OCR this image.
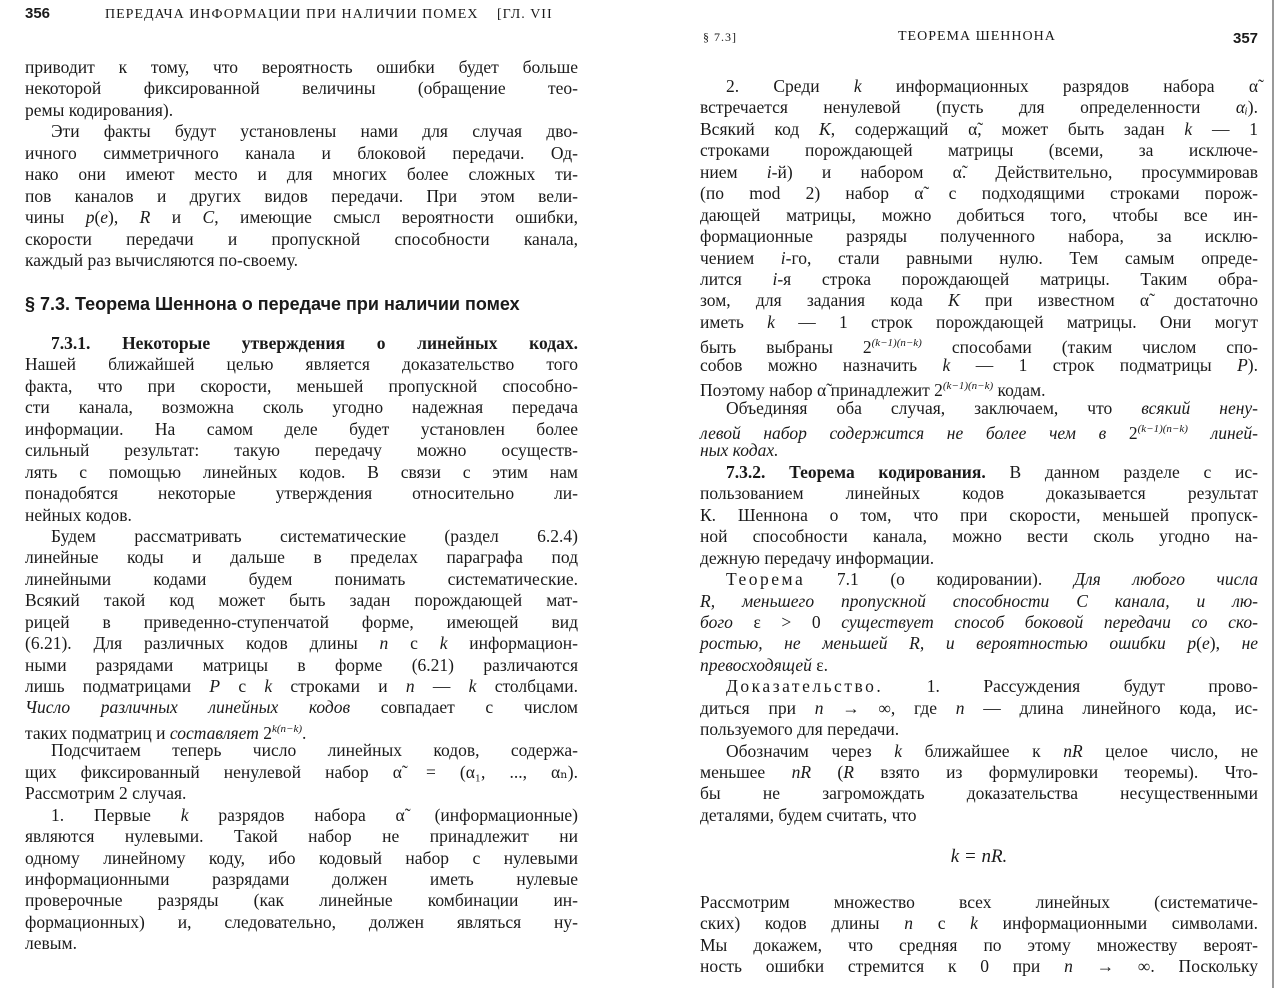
356	ПЕРЕДАЧА ИНФОРМАЦИИ ПРИ НАЛИЧИИ ПОМЕХ [ГЛ. VII
приводит к тому, что вероятность ошибки будет больше
некоторой фиксированной величины (обращение тео-
ремы кодирования).
Эти факты будут установлены нами для случая дво-
ичного симметричного канала и блоковой передачи. Од-
нако они имеют место и для многих более сложных ти-
пов каналов и других видов передачи. При этом вели-
чины p(e), R и C, имеющие смысл вероятности ошибки,
скорости передачи и пропускной способности канала,
каждый раз вычисляются по-своему.
§ 7.3. Теорема Шеннона о передаче при наличии помех
7.3.1. Некоторые утверждения о линейных кодах.
Нашей ближайшей целью является доказательство того
факта, что при скорости, меньшей пропускной способно-
сти канала, возможна сколь угодно надежная передача
информации. На самом деле будет установлен более
сильный результат: такую передачу можно осуществ-
лять с помощью линейных кодов. В связи с этим нам
понадобятся некоторые утверждения относительно ли-
нейных кодов.
Будем рассматривать систематические (раздел 6.2.4)
линейные коды и дальше в пределах параграфа под
линейными кодами будем понимать систематические.
Всякий такой код может быть задан порождающей мат-
рицей в приведенно-ступенчатой форме, имеющей вид
(6.21). Для различных кодов длины n с k информацион-
ными разрядами матрицы в форме (6.21) различаются
лишь подматрицами P с k строками и n — k столбцами.
Число различных линейных кодов совпадает с числом
таких подматриц и составляет $2^{k(n-k)}$.
Подсчитаем теперь число линейных кодов, содержа-
щих фиксированный ненулевой набор α̃ = (α₁, ..., αₙ).
Рассмотрим 2 случая.
1. Первые k разрядов набора α̃ (информационные)
являются нулевыми. Такой набор не принадлежит ни
одному линейному коду, ибо кодовый набор с нулевыми
информационными разрядами должен иметь нулевые
проверочные разряды (как линейные комбинации ин-
формационных) и, следовательно, должен являться ну-
левым.
§ 7.3]	ТЕОРЕМА ШЕННОНА	357
2. Среди k информационных разрядов набора α̃
встречается ненулевой (пусть для определенности αᵢ).
Всякий код K, содержащий α̃, может быть задан k — 1
строками порождающей матрицы (всеми, за исключе-
нием i-й) и набором α̃. Действительно, просуммировав
(по mod 2) набор α̃ с подходящими строками порож-
дающей матрицы, можно добиться того, чтобы все ин-
формационные разряды полученного набора, за исклю-
чением i-го, стали равными нулю. Тем самым опреде-
лится i-я строка порождающей матрицы. Таким обра-
зом, для задания кода K при известном α̃ достаточно
иметь k — 1 строк порождающей матрицы. Они могут
быть выбраны $2^{(k-1)(n-k)}$ способами (таким числом спо-
собов можно назначить k — 1 строк подматрицы P).
Поэтому набор α̃ принадлежит $2^{(k-1)(n-k)}$ кодам.
Объединяя оба случая, заключаем, что всякий нену-
левой набор содержится не более чем в $2^{(k-1)(n-k)}$ линей-
ных кодах.
7.3.2. Теорема кодирования. В данном разделе с ис-
пользованием линейных кодов доказывается результат
К. Шеннона о том, что при скорости, меньшей пропуск-
ной способности канала, можно вести сколь угодно на-
дежную передачу информации.
Теорема 7.1 (о кодировании). Для любого числа
R, меньшего пропускной способности C канала, и лю-
бого ε > 0 существует способ боковой передачи со ско-
ростью, не меньшей R, и вероятностью ошибки p(e), не
превосходящей ε.
Доказательство. 1. Рассуждения будут прово-
диться при n → ∞, где n — длина линейного кода, ис-
пользуемого для передачи.
Обозначим через k ближайшее к nR целое число, не
меньшее nR (R взято из формулировки теоремы). Что-
бы не загромождать доказательства несущественными
деталями, будем считать, что
k = nR.
Рассмотрим множество всех линейных (систематиче-
ских) кодов длины n с k информационными символами.
Мы докажем, что средняя по этому множеству вероят-
ность ошибки стремится к 0 при n → ∞. Поскольку
